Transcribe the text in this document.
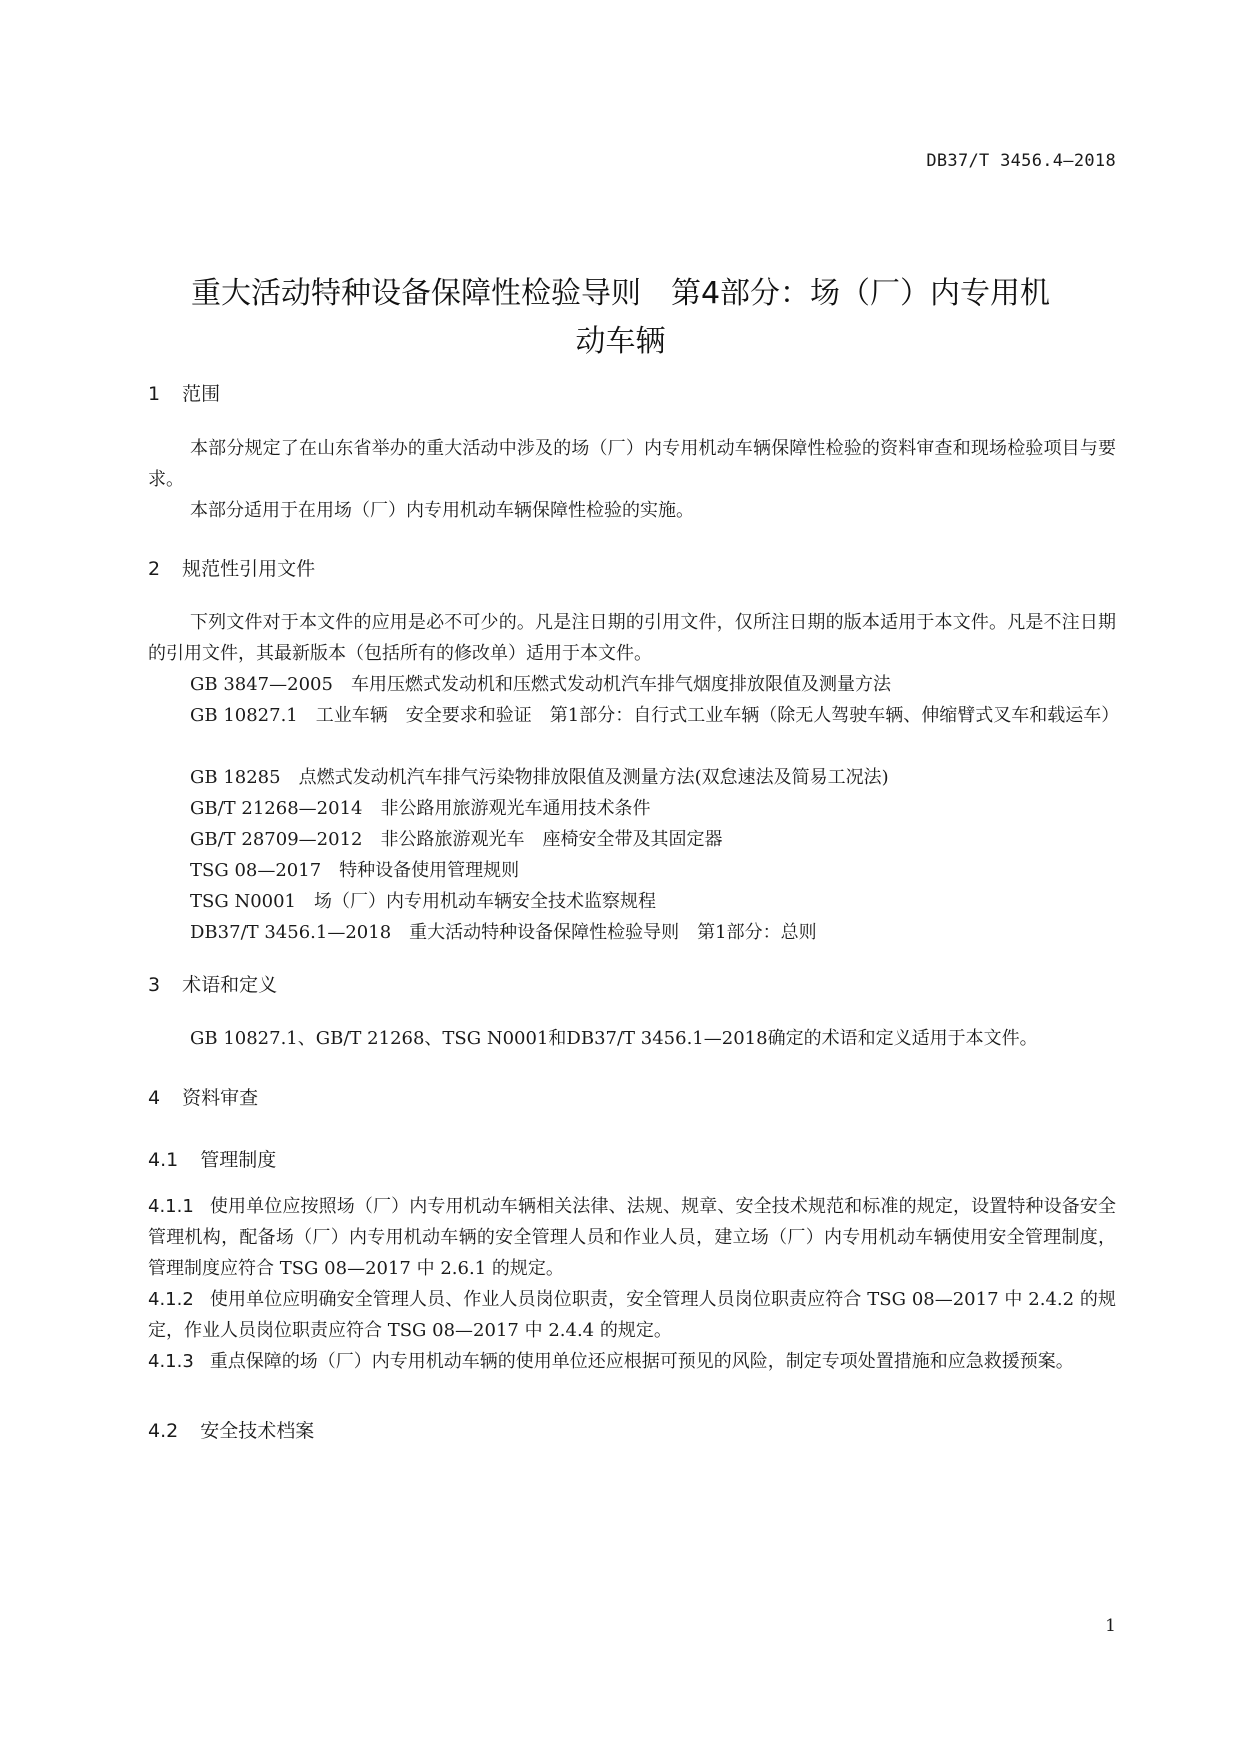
DB37/T 3456.4—2018
重大活动特种设备保障性检验导则　第4部分：场（厂）内专用机
动车辆
1 范围
本部分规定了在山东省举办的重大活动中涉及的场（厂）内专用机动车辆保障性检验的资料审查和现场检验项目与要求。
本部分适用于在用场（厂）内专用机动车辆保障性检验的实施。
2 规范性引用文件
下列文件对于本文件的应用是必不可少的。凡是注日期的引用文件，仅所注日期的版本适用于本文件。凡是不注日期的引用文件，其最新版本（包括所有的修改单）适用于本文件。
GB 3847—2005　车用压燃式发动机和压燃式发动机汽车排气烟度排放限值及测量方法
GB 10827.1　工业车辆　安全要求和验证　第1部分：自行式工业车辆（除无人驾驶车辆、伸缩臂式叉车和载运车）
GB 18285　点燃式发动机汽车排气污染物排放限值及测量方法(双怠速法及简易工况法)
GB/T 21268—2014　非公路用旅游观光车通用技术条件
GB/T 28709—2012　非公路旅游观光车　座椅安全带及其固定器
TSG 08—2017　特种设备使用管理规则
TSG N0001　场（厂）内专用机动车辆安全技术监察规程
DB37/T 3456.1—2018　重大活动特种设备保障性检验导则　第1部分：总则
3 术语和定义
GB 10827.1、GB/T 21268、TSG N0001和DB37/T 3456.1—2018确定的术语和定义适用于本文件。
4 资料审查
4.1 管理制度
4.1.1 使用单位应按照场（厂）内专用机动车辆相关法律、法规、规章、安全技术规范和标准的规定，设置特种设备安全管理机构，配备场（厂）内专用机动车辆的安全管理人员和作业人员，建立场（厂）内专用机动车辆使用安全管理制度，管理制度应符合 TSG 08—2017 中 2.6.1 的规定。
4.1.2 使用单位应明确安全管理人员、作业人员岗位职责，安全管理人员岗位职责应符合 TSG 08—2017 中 2.4.2 的规定，作业人员岗位职责应符合 TSG 08—2017 中 2.4.4 的规定。
4.1.3 重点保障的场（厂）内专用机动车辆的使用单位还应根据可预见的风险，制定专项处置措施和应急救援预案。
4.2 安全技术档案
1
